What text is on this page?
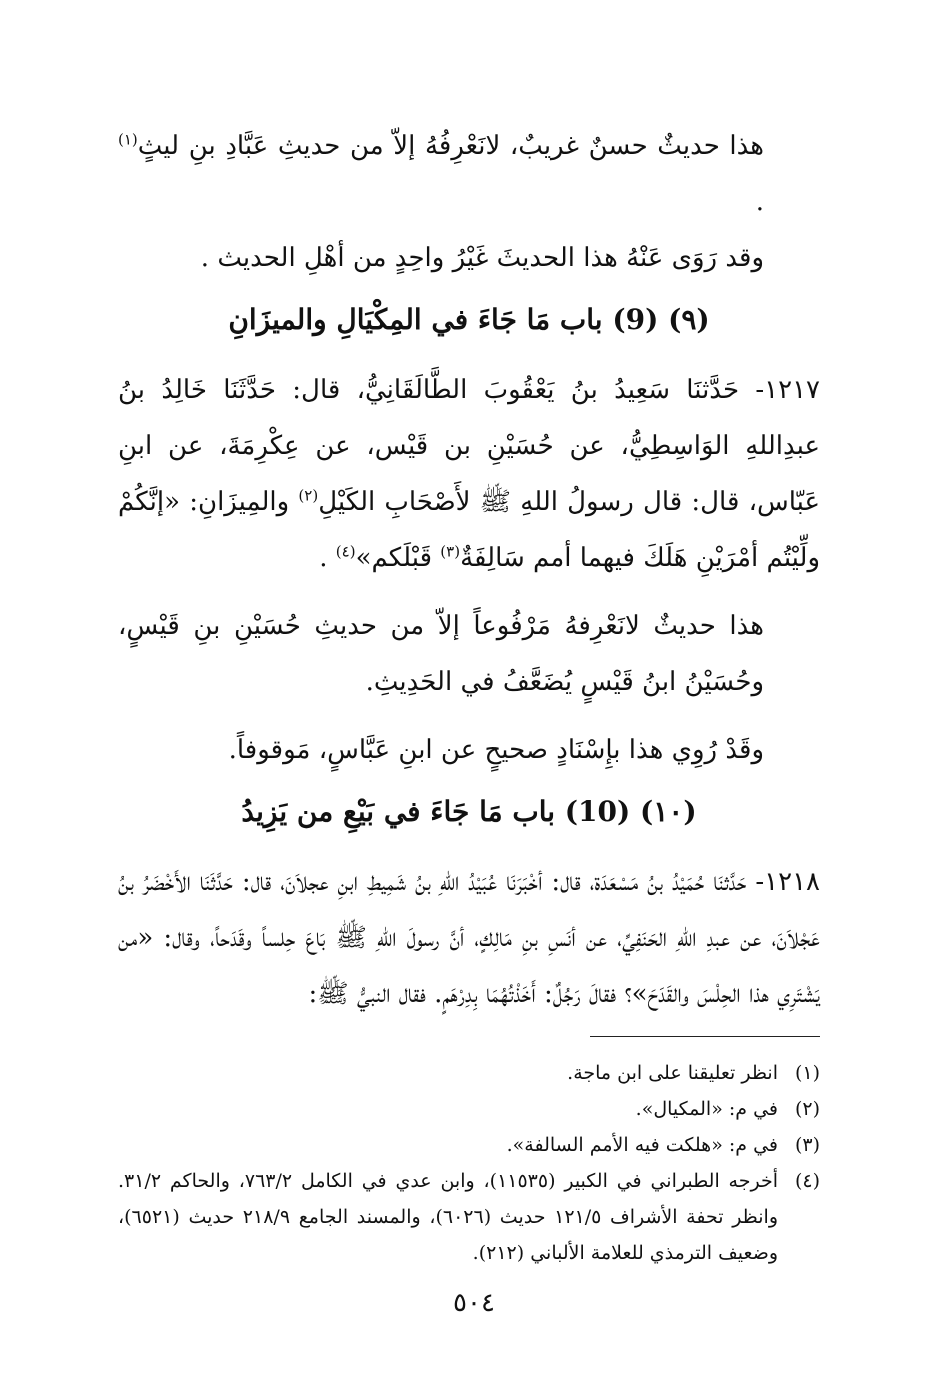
هذا حديثٌ حسنٌ غريبٌ، لانَعْرِفُهُ إلاّ من حديثِ عَبَّادِ بنِ ليثٍ$^{(١)}$ .

وقد رَوَى عَنْهُ هذا الحديثَ غَيْرُ واحِدٍ من أهْلِ الحديث .

(٩) (9) باب مَا جَاءَ في المِكْيَالِ والميزَانِ

١٢١٧- حَدَّثنَا سَعِيدُ بنُ يَعْقُوبَ الطَّالَقَانِيُّ، قال: حَدَّثَنَا خَالِدُ بنُ عبدِاللهِ الوَاسِطِيُّ، عن حُسَيْنِ بن قَيْس، عن عِكْرِمَةَ، عن ابنِ عَبّاس، قال: قال رسولُ اللهِ ﷺ لأَصْحَابِ الكَيْلِ$^{(٢)}$ والمِيزَانِ: «إنَّكُمْ ولِّيْتُم أمْرَيْنِ هَلَكَ فيهما أمم سَالِفَةٌ$^{(٣)}$ قَبْلَكم»$^{(٤)}$ .

هذا حديثٌ لانَعْرِفهُ مَرْفُوعاً إلاّ من حديثِ حُسَيْنِ بنِ قَيْسٍ، وحُسَيْنُ ابنُ قَيْسٍ يُضَعَّفُ في الحَدِيثِ.

وقَدْ رُوِي هذا بإِسْنَادٍ صحيحٍ عن ابنِ عَبَّاسٍ، مَوقوفاً.

(١٠) (10) باب مَا جَاءَ في بَيْعِ من يَزِيدُ

١٢١٨- حَدَّثنَا حُمَيْدُ بنُ مَسْعَدَة، قال: أخْبَرَنَا عُبَيْدُ اللهِ بنُ شَمِيطِ ابنِ عجلاَنَ، قال: حَدَّثَنَا الأَخْضَرُ بنُ عَجْلاَنَ، عن عبدِ اللهِ الحَنَفِيِّ، عن أنَسِ بنِ مَالِكٍ، أنَّ رسولَ اللهِ ﷺ بَاعَ حِلساً وقَدَحاً، وقال: «من يَشْتَرِي هذا الحِلْسَ والقَدَحَ»؟ فقالَ رَجُلٌ: أَخَذْتُهُمَا بِدِرْهَمٍ. فقال النبيُّ ﷺ:

(١)
انظر تعليقنا على ابن ماجة.
(٢)
في م: «المكيال».
(٣)
في م: «هلكت فيه الأمم السالفة».
(٤)
أخرجه الطبراني في الكبير (١١٥٣٥)، وابن عدي في الكامل ٧٦٣/٢، والحاكم ٣١/٢. وانظر تحفة الأشراف ١٢١/٥ حديث (٦٠٢٦)، والمسند الجامع ٢١٨/٩ حديث (٦٥٢١)، وضعيف الترمذي للعلامة الألباني (٢١٢).
٥٠٤
